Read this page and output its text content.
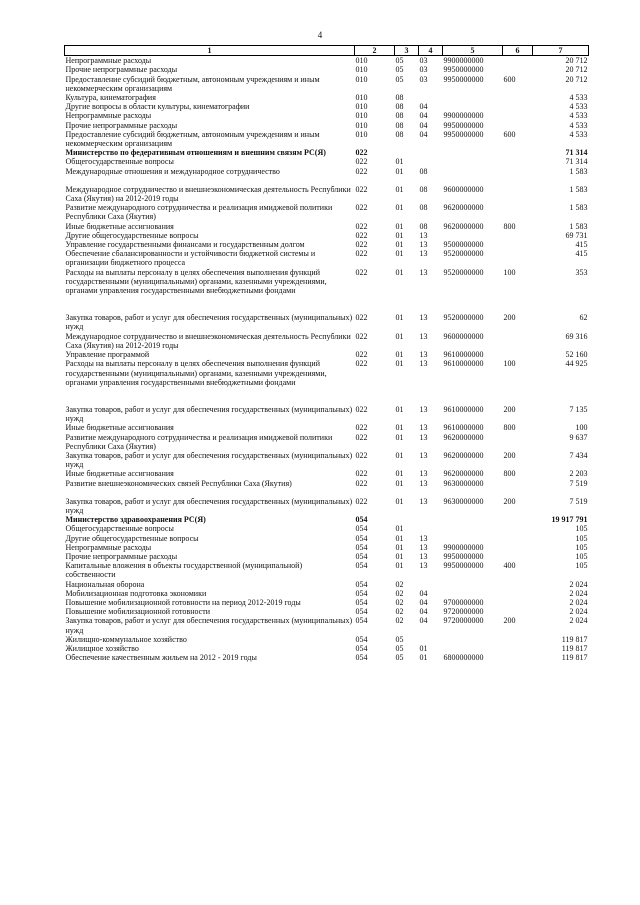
4
1	2	3	4	5	6	7
Непрограммные расходы	010	05	03	9900000000		20 712
Прочие непрограммные расходы	010	05	03	9950000000		20 712
Предоставление субсидий бюджетным, автономным учреждениям и иным некоммерческим организациям	010	05	03	9950000000	600	20 712
Культура, кинематография	010	08				4 533
Другие вопросы в области культуры, кинематографии	010	08	04			4 533
Непрограммные расходы	010	08	04	9900000000		4 533
Прочие непрограммные расходы	010	08	04	9950000000		4 533
Предоставление субсидий бюджетным, автономным учреждениям и иным некоммерческим организациям	010	08	04	9950000000	600	4 533
Министерство по федеративным отношениям и внешним связям РС(Я)	022					71 314
Общегосударственные вопросы	022	01				71 314
Международные отношения и международное сотрудничество	022	01	08			1 583
Международное сотрудничество и внешнеэкономическая деятельность Республики Саха (Якутия) на 2012-2019 годы	022	01	08	9600000000		1 583
Развитие международного сотрудничества и реализация имиджевой политики Республики Саха (Якутия)	022	01	08	9620000000		1 583
Иные бюджетные ассигнования	022	01	08	9620000000	800	1 583
Другие общегосударственные вопросы	022	01	13			69 731
Управление государственными финансами и государственным долгом	022	01	13	9500000000		415
Обеспечение сбалансированности и устойчивости бюджетной системы и организации бюджетного процесса	022	01	13	9520000000		415
Расходы на выплаты персоналу в целях обеспечения выполнения функций государственными (муниципальными) органами, казенными учреждениями, органами управления государственными внебюджетными фондами	022	01	13	9520000000	100	353
Закупка товаров, работ и услуг для обеспечения государственных (муниципальных) нужд	022	01	13	9520000000	200	62
Международное сотрудничество и внешнеэкономическая деятельность Республики Саха (Якутия) на 2012-2019 годы	022	01	13	9600000000		69 316
Управление программой	022	01	13	9610000000		52 160
Расходы на выплаты персоналу в целях обеспечения выполнения функций государственными (муниципальными) органами, казенными учреждениями, органами управления государственными внебюджетными фондами	022	01	13	9610000000	100	44 925
Закупка товаров, работ и услуг для обеспечения государственных (муниципальных) нужд	022	01	13	9610000000	200	7 135
Иные бюджетные ассигнования	022	01	13	9610000000	800	100
Развитие международного сотрудничества и реализация имиджевой политики Республики Саха (Якутия)	022	01	13	9620000000		9 637
Закупка товаров, работ и услуг для обеспечения государственных (муниципальных) нужд	022	01	13	9620000000	200	7 434
Иные бюджетные ассигнования	022	01	13	9620000000	800	2 203
Развитие внешнеэкономических связей Республики Саха (Якутия)	022	01	13	9630000000		7 519
Закупка товаров, работ и услуг для обеспечения государственных (муниципальных) нужд	022	01	13	9630000000	200	7 519
Министерство здравоохранения РС(Я)	054					19 917 791
Общегосударственные вопросы	054	01				105
Другие общегосударственные вопросы	054	01	13			105
Непрограммные расходы	054	01	13	9900000000		105
Прочие непрограммные расходы	054	01	13	9950000000		105
Капитальные вложения в объекты государственной (муниципальной) собственности	054	01	13	9950000000	400	105
Национальная оборона	054	02				2 024
Мобилизационная подготовка экономики	054	02	04			2 024
Повышение мобилизационной готовности на период 2012-2019 годы	054	02	04	9700000000		2 024
Повышение мобилизационной готовности	054	02	04	9720000000		2 024
Закупка товаров, работ и услуг для обеспечения государственных (муниципальных) нужд	054	02	04	9720000000	200	2 024
Жилищно-коммунальное хозяйство	054	05				119 817
Жилищное хозяйство	054	05	01			119 817
Обеспечение качественным жильем на 2012 - 2019 годы	054	05	01	6800000000		119 817
